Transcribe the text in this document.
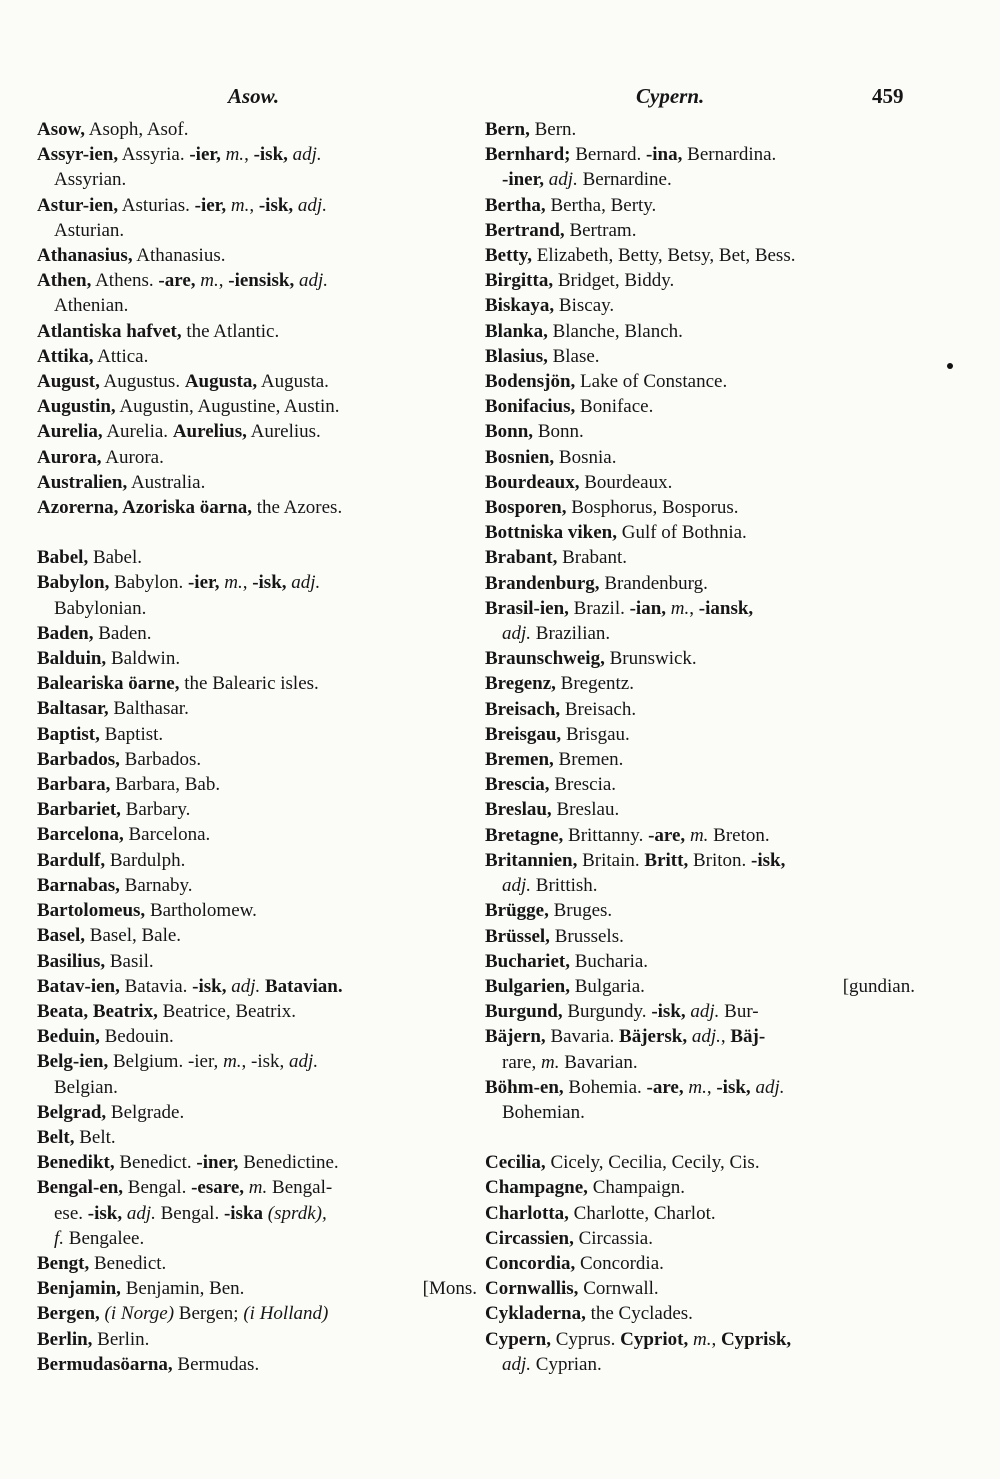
Asow.	Cypern.	459
Asow, Asoph, Asof.
Assyr-ien, Assyria. -ier, m., -isk, adj.
Assyrian.
Astur-ien, Asturias. -ier, m., -isk, adj.
Asturian.
Athanasius, Athanasius.
Athen, Athens. -are, m., -iensisk, adj.
Athenian.
Atlantiska hafvet, the Atlantic.
Attika, Attica.
August, Augustus. Augusta, Augusta.
Augustin, Augustin, Augustine, Austin.
Aurelia, Aurelia. Aurelius, Aurelius.
Aurora, Aurora.
Australien, Australia.
Azorerna, Azoriska öarna, the Azores.
Babel, Babel.
Babylon, Babylon. -ier, m., -isk, adj.
Babylonian.
Baden, Baden.
Balduin, Baldwin.
Baleariska öarne, the Balearic isles.
Baltasar, Balthasar.
Baptist, Baptist.
Barbados, Barbados.
Barbara, Barbara, Bab.
Barbariet, Barbary.
Barcelona, Barcelona.
Bardulf, Bardulph.
Barnabas, Barnaby.
Bartolomeus, Bartholomew.
Basel, Basel, Bale.
Basilius, Basil.
Batav-ien, Batavia. -isk, adj. Batavian.
Beata, Beatrix, Beatrice, Beatrix.
Beduin, Bedouin.
Belg-ien, Belgium. -ier, m., -isk, adj.
Belgian.
Belgrad, Belgrade.
Belt, Belt.
Benedikt, Benedict. -iner, Benedictine.
Bengal-en, Bengal. -esare, m. Bengal-
ese. -isk, adj. Bengal. -iska (sprdk),
f. Bengalee.
Bengt, Benedict.
Benjamin, Benjamin, Ben.	[Mons.
Bergen, (i Norge) Bergen; (i Holland)
Berlin, Berlin.
Bermudasöarna, Bermudas.
Bern, Bern.
Bernhard; Bernard. -ina, Bernardina.
-iner, adj. Bernardine.
Bertha, Bertha, Berty.
Bertrand, Bertram.
Betty, Elizabeth, Betty, Betsy, Bet, Bess.
Birgitta, Bridget, Biddy.
Biskaya, Biscay.
Blanka, Blanche, Blanch.
Blasius, Blase.
Bodensjön, Lake of Constance.
Bonifacius, Boniface.
Bonn, Bonn.
Bosnien, Bosnia.
Bourdeaux, Bourdeaux.
Bosporen, Bosphorus, Bosporus.
Bottniska viken, Gulf of Bothnia.
Brabant, Brabant.
Brandenburg, Brandenburg.
Brasil-ien, Brazil. -ian, m., -iansk,
adj. Brazilian.
Braunschweig, Brunswick.
Bregenz, Bregentz.
Breisach, Breisach.
Breisgau, Brisgau.
Bremen, Bremen.
Brescia, Brescia.
Breslau, Breslau.
Bretagne, Brittanny. -are, m. Breton.
Britannien, Britain. Britt, Briton. -isk,
adj. Brittish.
Brügge, Bruges.
Brüssel, Brussels.
Buchariet, Bucharia.
Bulgarien, Bulgaria.	[gundian.
Burgund, Burgundy. -isk, adj. Bur-
Bäjern, Bavaria. Bäjersk, adj., Bäj-
rare, m. Bavarian.
Böhm-en, Bohemia. -are, m., -isk, adj.
Bohemian.
Cecilia, Cicely, Cecilia, Cecily, Cis.
Champagne, Champaign.
Charlotta, Charlotte, Charlot.
Circassien, Circassia.
Concordia, Concordia.
Cornwallis, Cornwall.
Cykladerna, the Cyclades.
Cypern, Cyprus. Cypriot, m., Cyprisk,
adj. Cyprian.
